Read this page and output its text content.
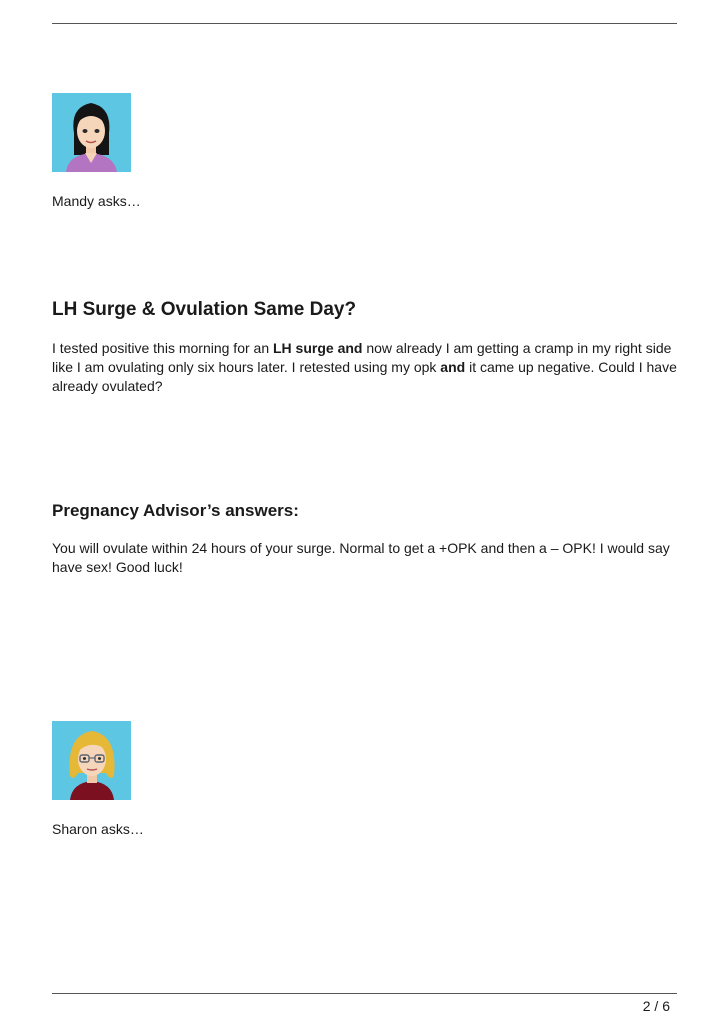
Mandy asks…

LH Surge & Ovulation Same Day?

I tested positive this morning for an LH surge and now already I am getting a cramp in my right side like I am ovulating only six hours later. I retested using my opk and it came up negative. Could I have already ovulated?

Pregnancy Advisor’s answers:

You will ovulate within 24 hours of your surge. Normal to get a +OPK and then a – OPK! I would say have sex! Good luck!

Sharon asks…

2 / 6
